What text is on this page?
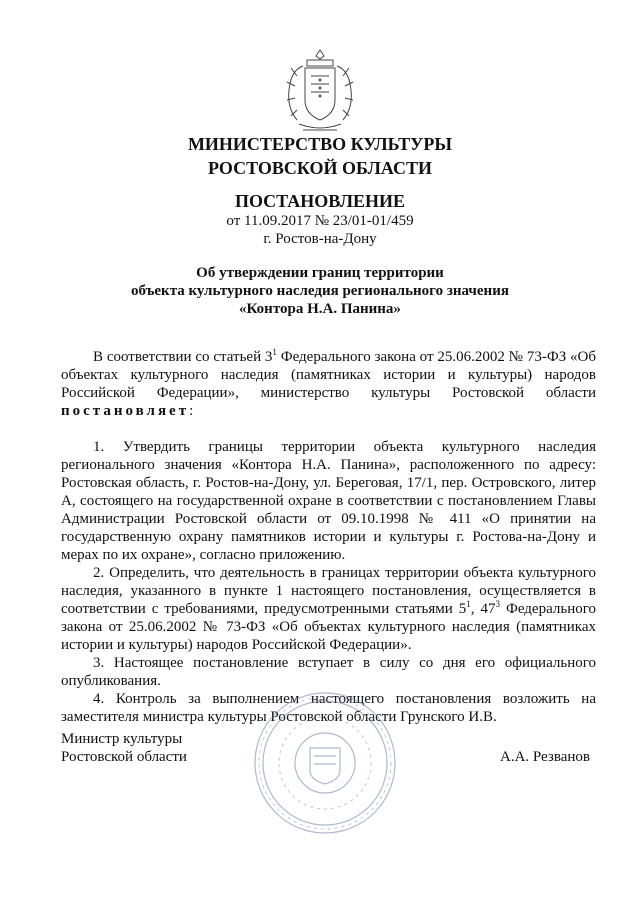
МИНИСТЕРСТВО КУЛЬТУРЫ
РОСТОВСКОЙ ОБЛАСТИ
ПОСТАНОВЛЕНИЕ
от 11.09.2017 № 23/01-01/459
г. Ростов-на-Дону
Об утверждении границ территории
объекта культурного наследия регионального значения
«Контора Н.А. Панина»

В соответствии со статьей $3^1$ Федерального закона от 25.06.2002 № 73-ФЗ «Об объектах культурного наследия (памятниках истории и культуры) народов Российской Федерации», министерство культуры Ростовской области постановляет:

1. Утвердить границы территории объекта культурного наследия регионального значения «Контора Н.А. Панина», расположенного по адресу: Ростовская область, г. Ростов-на-Дону, ул. Береговая, 17/1, пер. Островского, литер А, состоящего на государственной охране в соответствии с постановлением Главы Администрации Ростовской области от 09.10.1998 № 411 «О принятии на государственную охрану памятников истории и культуры г. Ростова-на-Дону и мерах по их охране», согласно приложению.

2. Определить, что деятельность в границах территории объекта культурного наследия, указанного в пункте 1 настоящего постановления, осуществляется в соответствии с требованиями, предусмотренными статьями $5^1$, $47^3$ Федерального закона от 25.06.2002 № 73-ФЗ «Об объектах культурного наследия (памятниках истории и культуры) народов Российской Федерации».

3. Настоящее постановление вступает в силу со дня его официального опубликования.

4. Контроль за выполнением настоящего постановления возложить на заместителя министра культуры Ростовской области Грунского И.В.

Министр культуры
Ростовской области	А.А. Резванов
